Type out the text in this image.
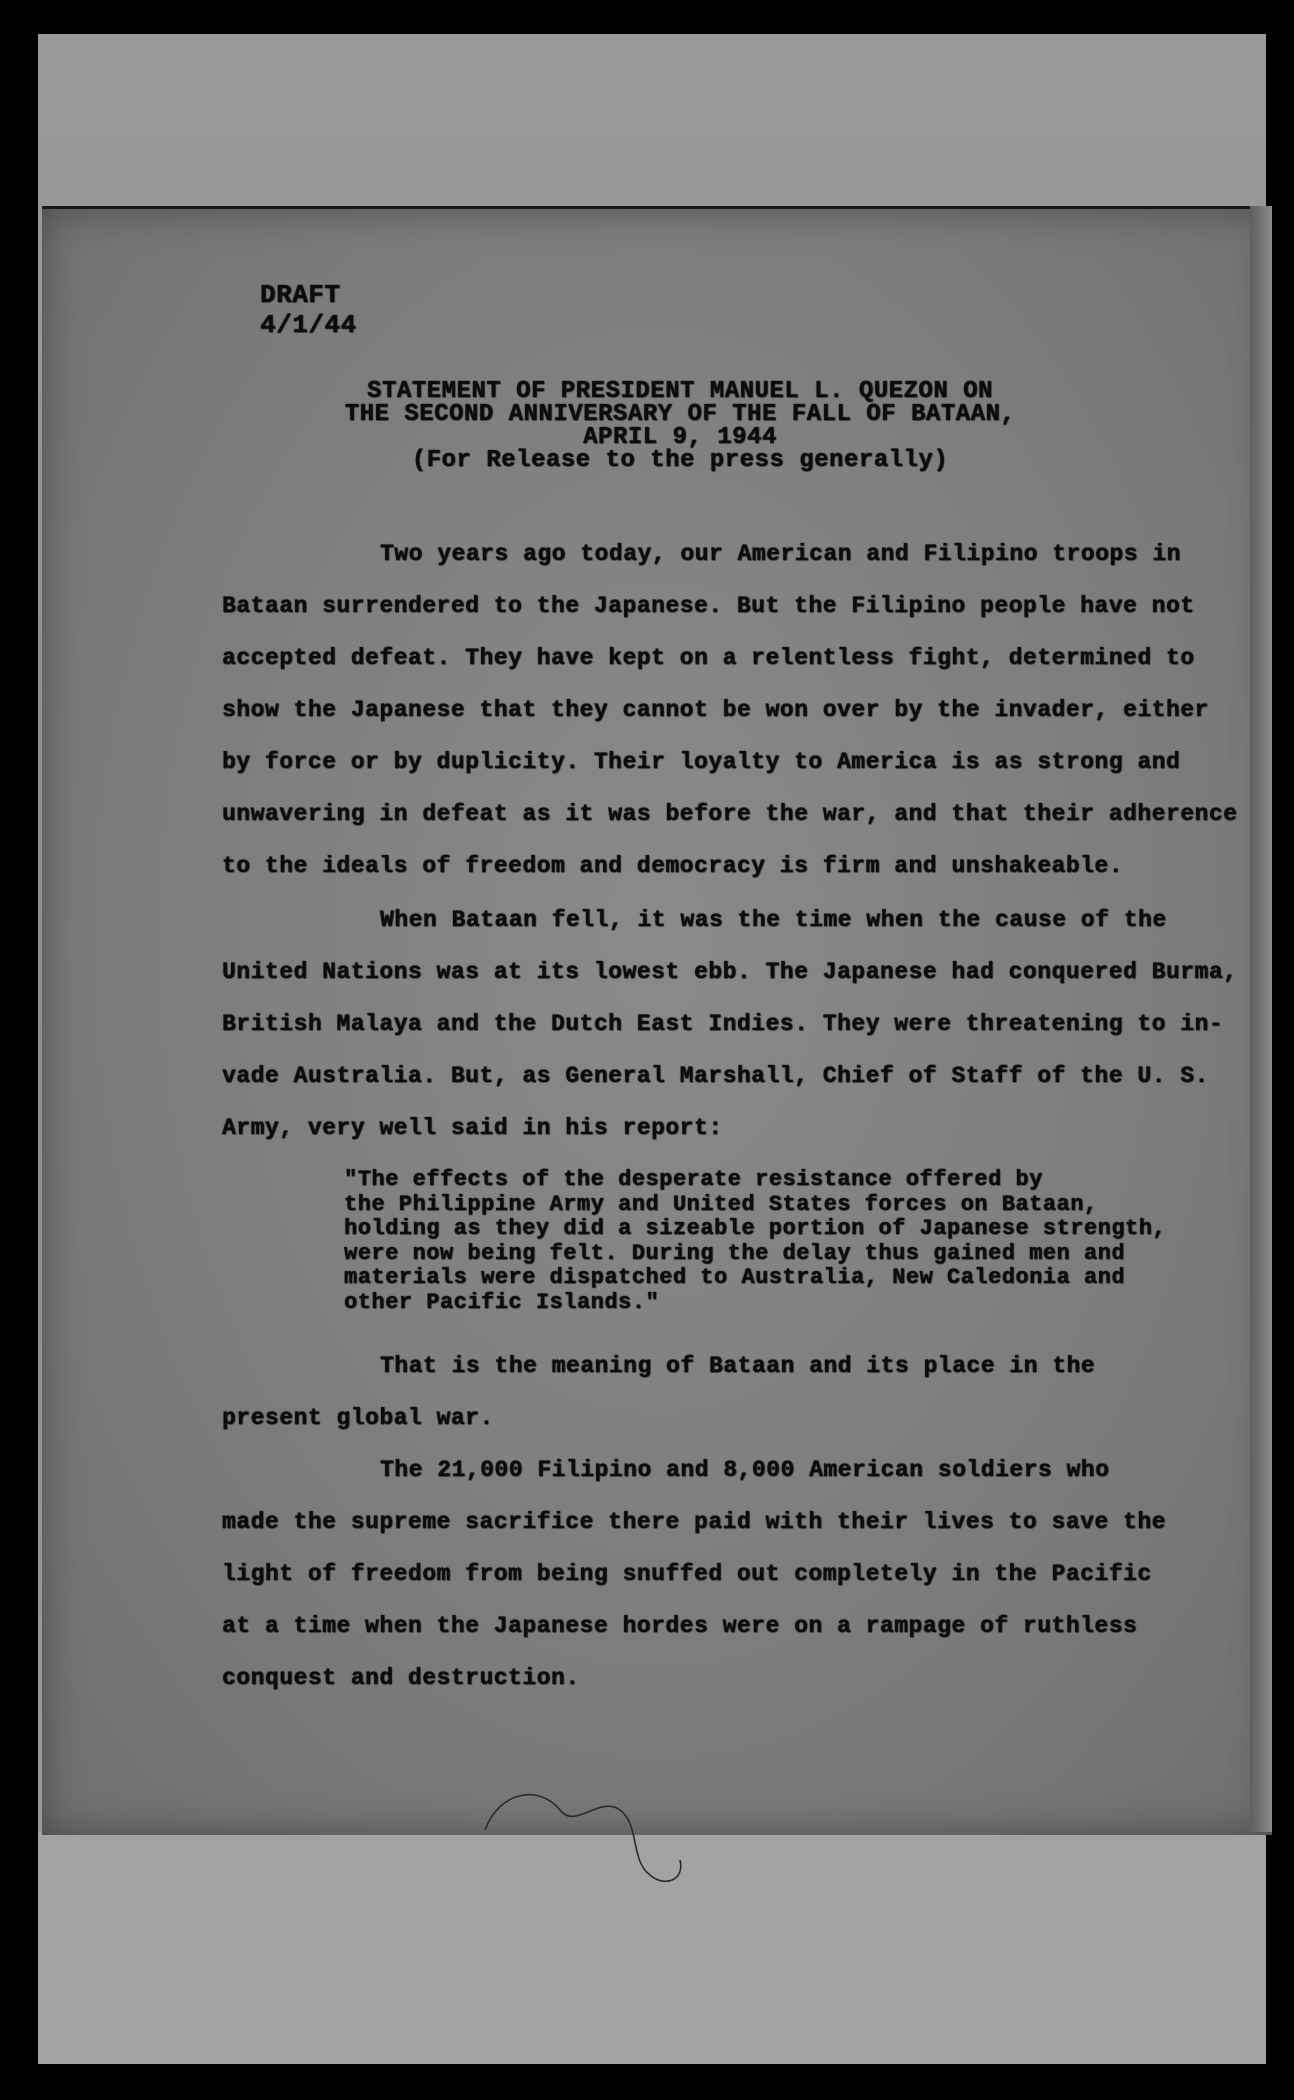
DRAFT
4/1/44
STATEMENT OF PRESIDENT MANUEL L. QUEZON ON
THE SECOND ANNIVERSARY OF THE FALL OF BATAAN,
APRIL 9, 1944
(For Release to the press generally)
Two years ago today, our American and Filipino troops in
Bataan surrendered to the Japanese. But the Filipino people have not
accepted defeat. They have kept on a relentless fight, determined to
show the Japanese that they cannot be won over by the invader, either
by force or by duplicity. Their loyalty to America is as strong and
unwavering in defeat as it was before the war, and that their adherence
to the ideals of freedom and democracy is firm and unshakeable.
When Bataan fell, it was the time when the cause of the
United Nations was at its lowest ebb. The Japanese had conquered Burma,
British Malaya and the Dutch East Indies. They were threatening to in-
vade Australia. But, as General Marshall, Chief of Staff of the U. S.
Army, very well said in his report:
"The effects of the desperate resistance offered by
the Philippine Army and United States forces on Bataan,
holding as they did a sizeable portion of Japanese strength,
were now being felt. During the delay thus gained men and
materials were dispatched to Australia, New Caledonia and
other Pacific Islands."
That is the meaning of Bataan and its place in the
present global war.
The 21,000 Filipino and 8,000 American soldiers who
made the supreme sacrifice there paid with their lives to save the
light of freedom from being snuffed out completely in the Pacific
at a time when the Japanese hordes were on a rampage of ruthless
conquest and destruction.
